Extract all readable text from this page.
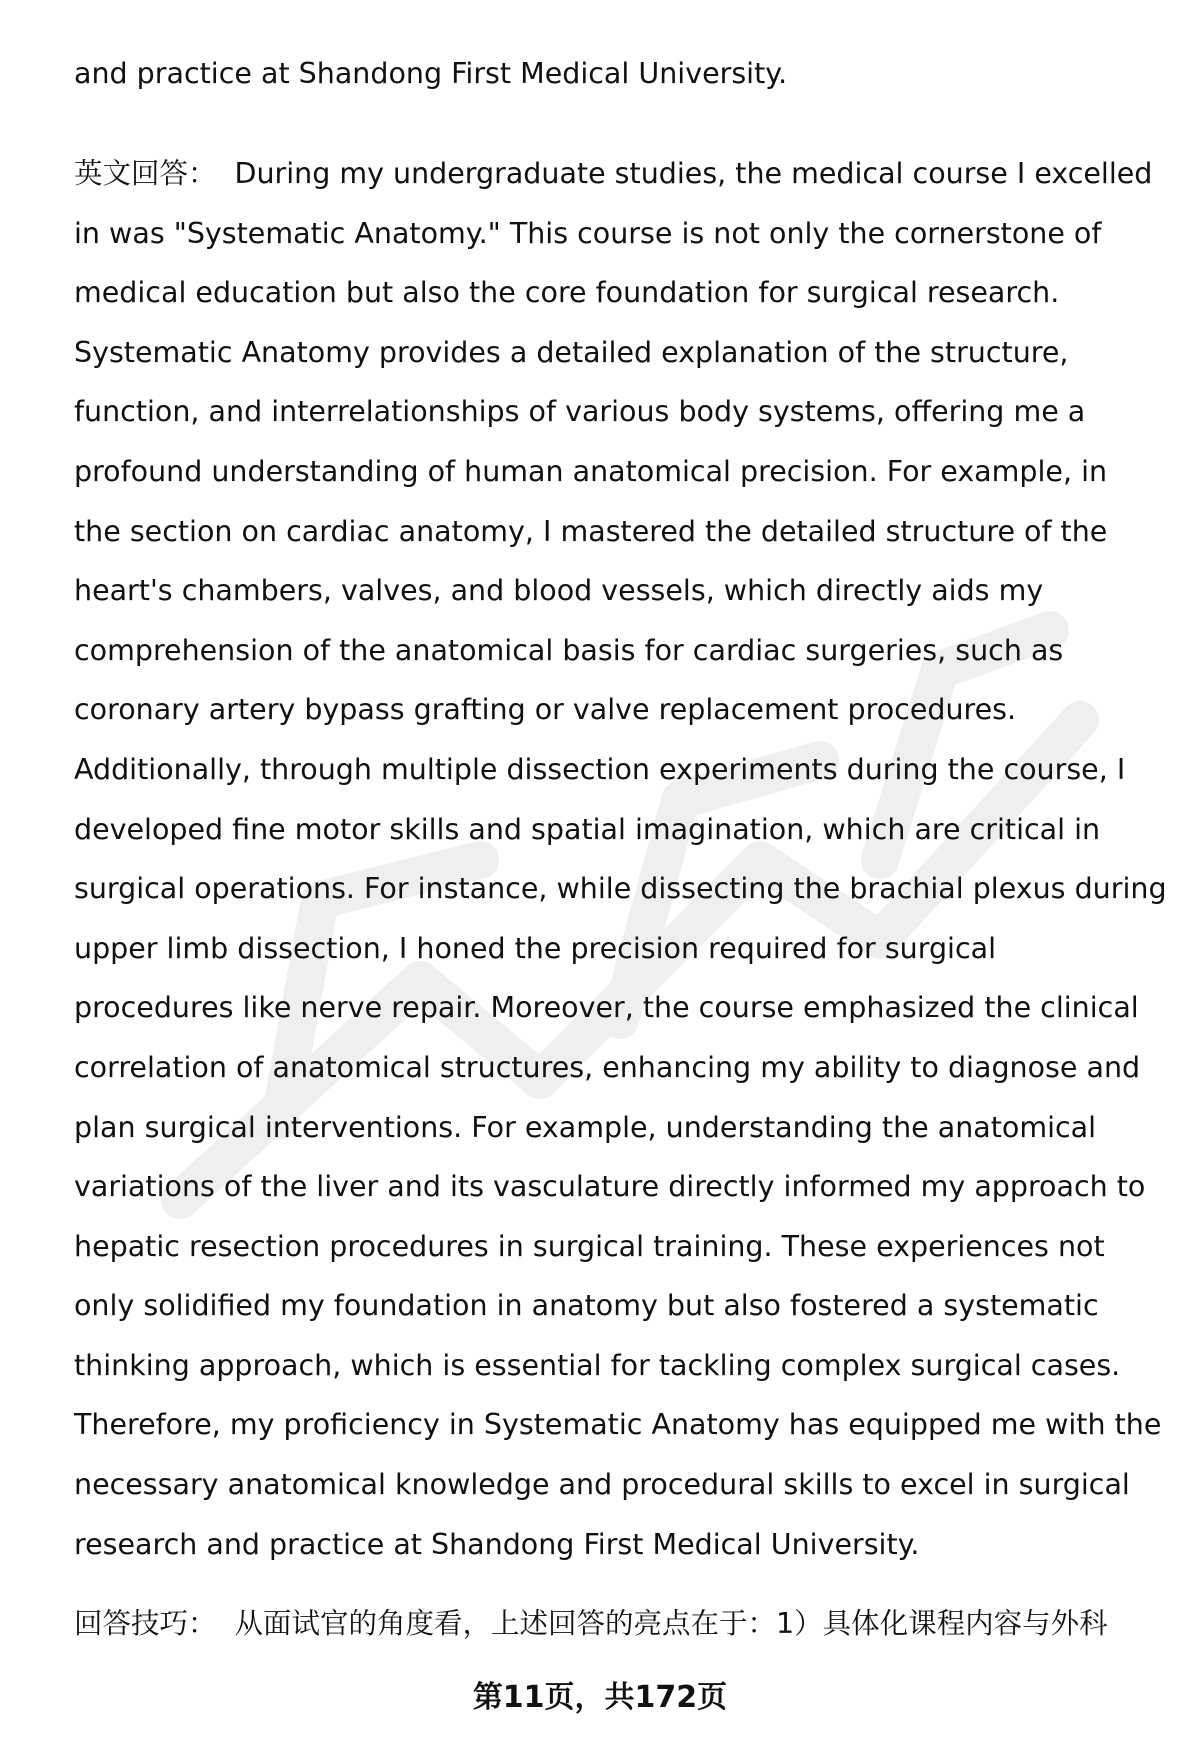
and practice at Shandong First Medical University.
英文回答： During my undergraduate studies, the medical course I excelled
in was "Systematic Anatomy." This course is not only the cornerstone of
medical education but also the core foundation for surgical research.
Systematic Anatomy provides a detailed explanation of the structure,
function, and interrelationships of various body systems, offering me a
profound understanding of human anatomical precision. For example, in
the section on cardiac anatomy, I mastered the detailed structure of the
heart's chambers, valves, and blood vessels, which directly aids my
comprehension of the anatomical basis for cardiac surgeries, such as
coronary artery bypass grafting or valve replacement procedures.
Additionally, through multiple dissection experiments during the course, I
developed fine motor skills and spatial imagination, which are critical in
surgical operations. For instance, while dissecting the brachial plexus during
upper limb dissection, I honed the precision required for surgical
procedures like nerve repair. Moreover, the course emphasized the clinical
correlation of anatomical structures, enhancing my ability to diagnose and
plan surgical interventions. For example, understanding the anatomical
variations of the liver and its vasculature directly informed my approach to
hepatic resection procedures in surgical training. These experiences not
only solidified my foundation in anatomy but also fostered a systematic
thinking approach, which is essential for tackling complex surgical cases.
Therefore, my proficiency in Systematic Anatomy has equipped me with the
necessary anatomical knowledge and procedural skills to excel in surgical
research and practice at Shandong First Medical University.
回答技巧： 从面试官的角度看，上述回答的亮点在于：1）具体化课程内容与外科
第11页，共172页
